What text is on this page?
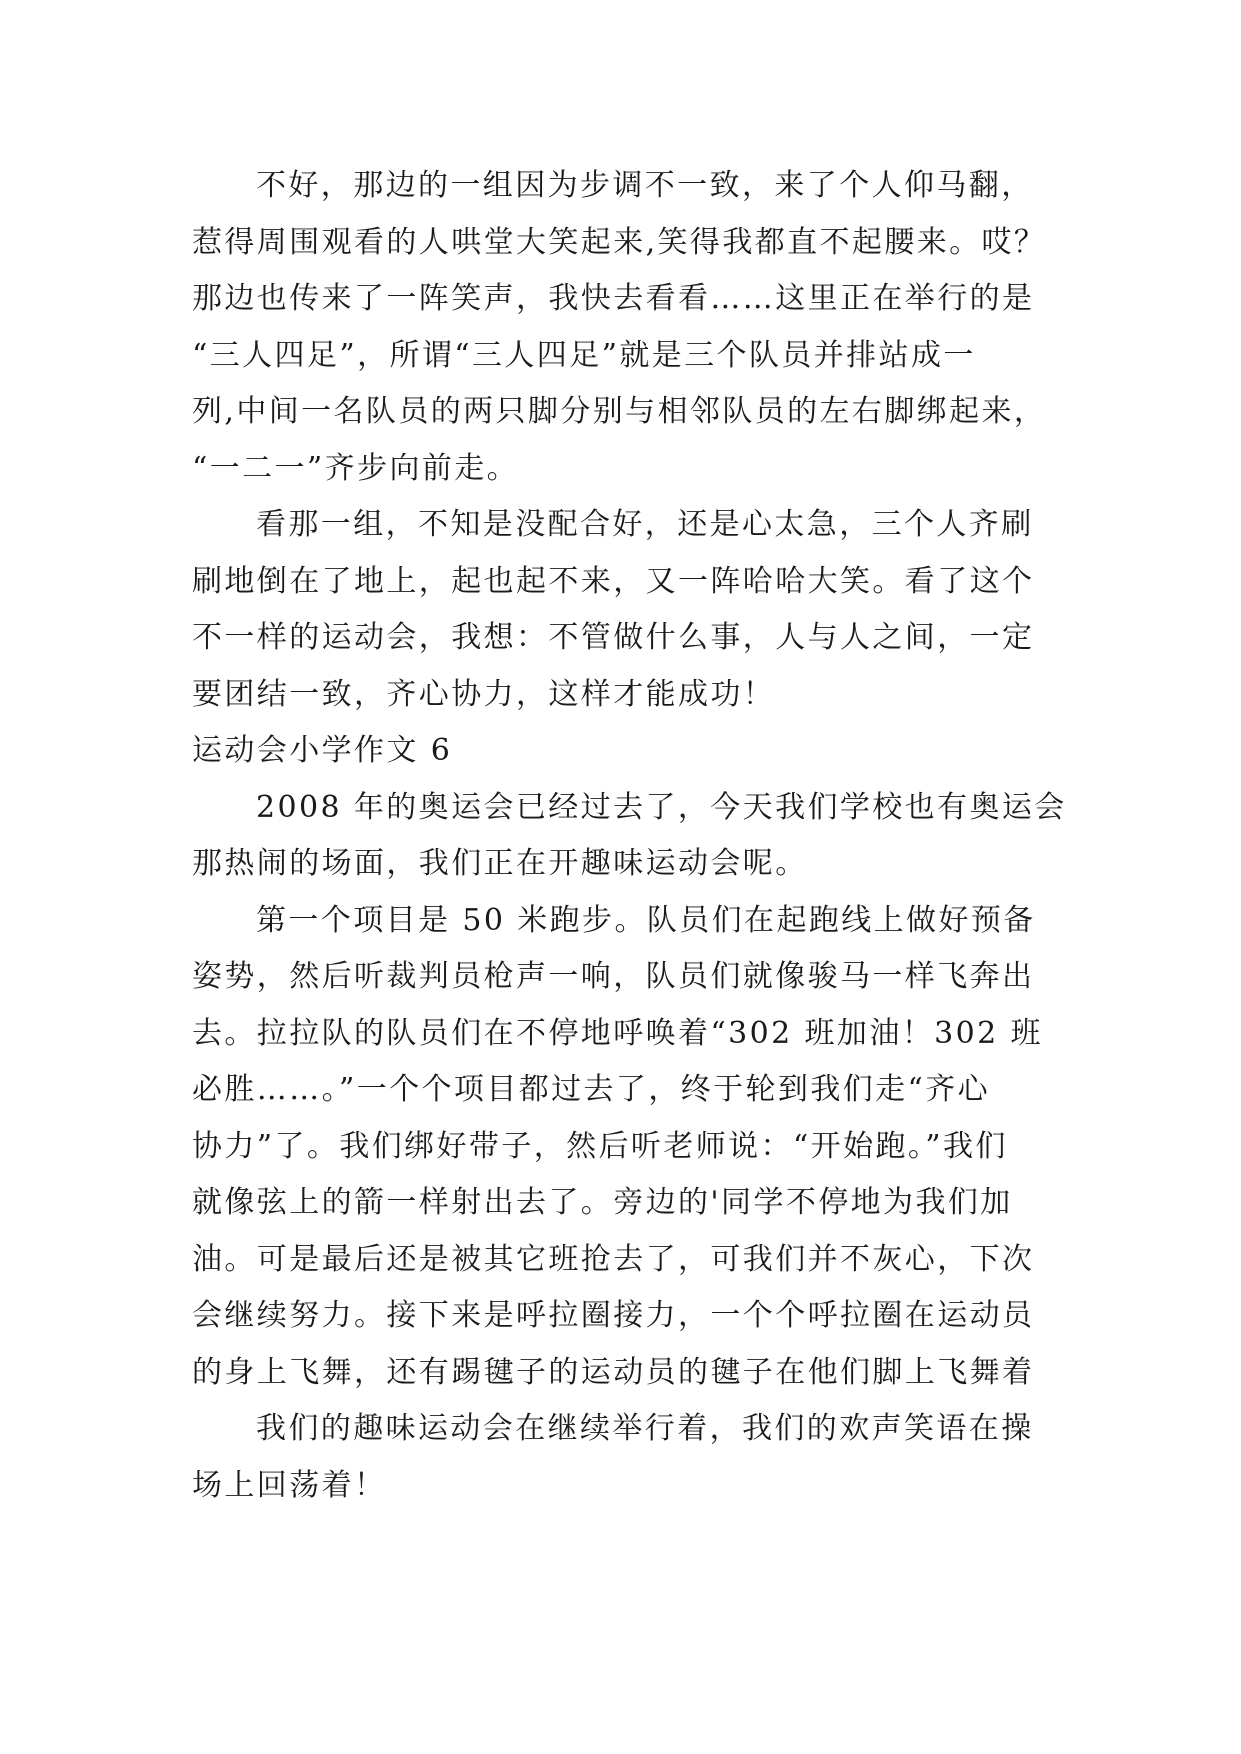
不好，那边的一组因为步调不一致，来了个人仰马翻，
惹得周围观看的人哄堂大笑起来,笑得我都直不起腰来。哎？
那边也传来了一阵笑声，我快去看看……这里正在举行的是
“三人四足”，所谓“三人四足”就是三个队员并排站成一
列,中间一名队员的两只脚分别与相邻队员的左右脚绑起来，
“一二一”齐步向前走。
看那一组，不知是没配合好，还是心太急，三个人齐刷
刷地倒在了地上，起也起不来，又一阵哈哈大笑。看了这个
不一样的运动会，我想：不管做什么事，人与人之间，一定
要团结一致，齐心协力，这样才能成功！
运动会小学作文 6
2008 年的奥运会已经过去了，今天我们学校也有奥运会
那热闹的场面，我们正在开趣味运动会呢。
第一个项目是 50 米跑步。队员们在起跑线上做好预备
姿势，然后听裁判员枪声一响，队员们就像骏马一样飞奔出
去。拉拉队的队员们在不停地呼唤着“302 班加油！302 班
必胜……。”一个个项目都过去了，终于轮到我们走“齐心
协力”了。我们绑好带子，然后听老师说：“开始跑。”我们
就像弦上的箭一样射出去了。旁边的'同学不停地为我们加
油。可是最后还是被其它班抢去了，可我们并不灰心，下次
会继续努力。接下来是呼拉圈接力，一个个呼拉圈在运动员
的身上飞舞，还有踢毽子的运动员的毽子在他们脚上飞舞着
我们的趣味运动会在继续举行着，我们的欢声笑语在操
场上回荡着！
